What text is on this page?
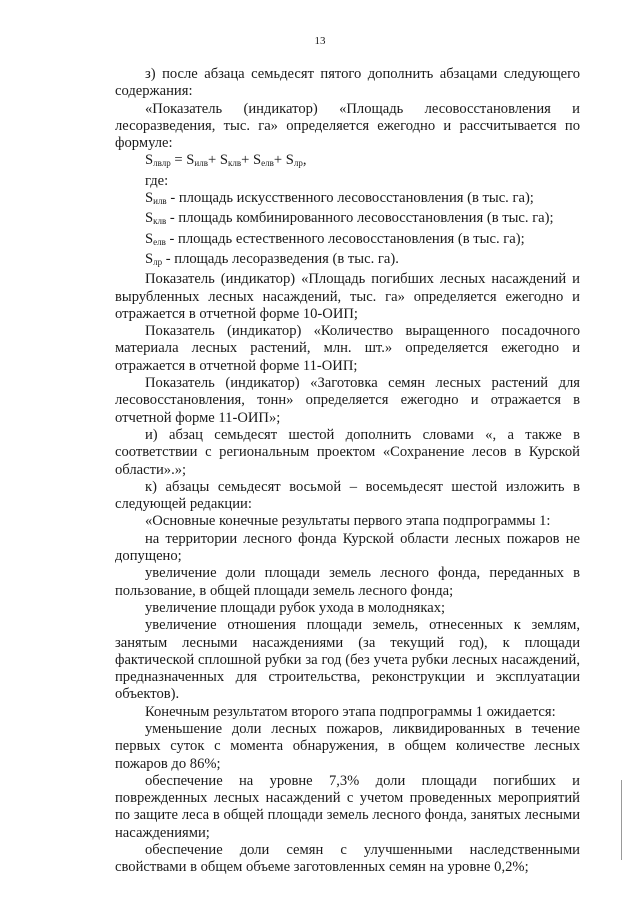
13

з) после абзаца семьдесят пятого дополнить абзацами следующего содержания:

«Показатель (индикатор) «Площадь лесовосстановления и лесоразведения, тыс. га» определяется ежегодно и рассчитывается по формуле:

$S_{лвлр} = S_{илв}+ S_{клв}+ S_{елв}+ S_{лр}$,

где:

$S_{илв}$ - площадь искусственного лесовосстановления (в тыс. га);

$S_{клв}$ - площадь комбинированного лесовосстановления (в тыс. га);

$S_{елв}$ - площадь естественного лесовосстановления (в тыс. га);

$S_{лр}$ - площадь лесоразведения (в тыс. га).

Показатель (индикатор) «Площадь погибших лесных насаждений и вырубленных лесных насаждений, тыс. га» определяется ежегодно и отражается в отчетной форме 10-ОИП;

Показатель (индикатор) «Количество выращенного посадочного материала лесных растений, млн. шт.» определяется ежегодно и отражается в отчетной форме 11-ОИП;

Показатель (индикатор) «Заготовка семян лесных растений для лесовосстановления, тонн» определяется ежегодно и отражается в отчетной форме 11-ОИП»;

и) абзац семьдесят шестой дополнить словами «, а также в соответствии с региональным проектом «Сохранение лесов в Курской области».»;

к) абзацы семьдесят восьмой – восемьдесят шестой изложить в следующей редакции:

«Основные конечные результаты первого этапа подпрограммы 1:

на территории лесного фонда Курской области лесных пожаров не допущено;

увеличение доли площади земель лесного фонда, переданных в пользование, в общей площади земель лесного фонда;

увеличение площади рубок ухода в молодняках;

увеличение отношения площади земель, отнесенных к землям, занятым лесными насаждениями (за текущий год), к площади фактической сплошной рубки за год (без учета рубки лесных насаждений, предназначенных для строительства, реконструкции и эксплуатации объектов).

Конечным результатом второго этапа подпрограммы 1 ожидается:

уменьшение доли лесных пожаров, ликвидированных в течение первых суток с момента обнаружения, в общем количестве лесных пожаров до 86%;

обеспечение на уровне 7,3% доли площади погибших и поврежденных лесных насаждений с учетом проведенных мероприятий по защите леса в общей площади земель лесного фонда, занятых лесными насаждениями;

обеспечение доли семян с улучшенными наследственными свойствами в общем объеме заготовленных семян на уровне 0,2%;
